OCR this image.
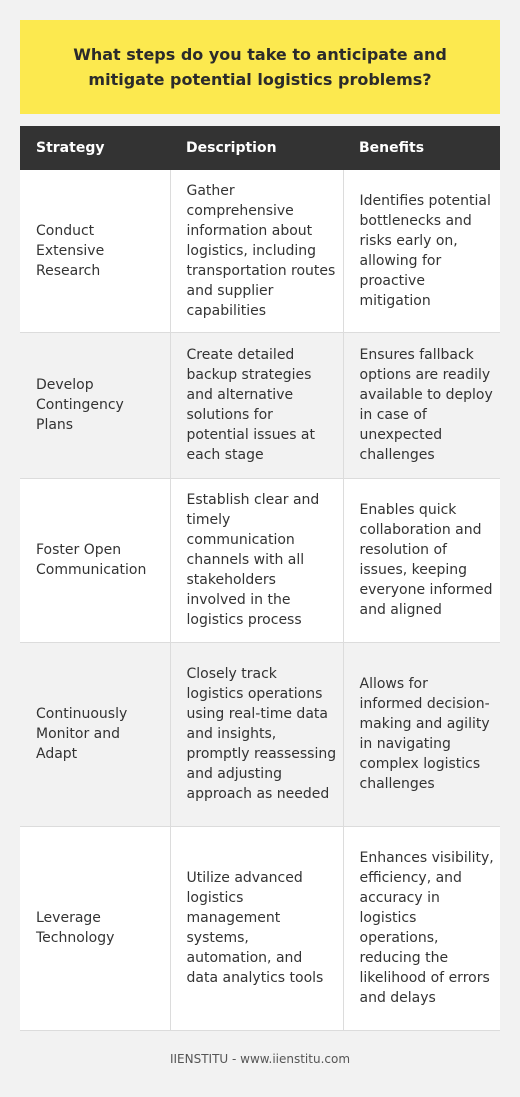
What steps do you take to anticipate and mitigate potential logistics problems?
Strategy	Description	Benefits
Conduct Extensive Research	Gather comprehensive information about logistics, including transportation routes and supplier capabilities	Identifies potential bottlenecks and risks early on, allowing for proactive mitigation
Develop Contingency Plans	Create detailed backup strategies and alternative solutions for potential issues at each stage	Ensures fallback options are readily available to deploy in case of unexpected challenges
Foster Open Communication	Establish clear and timely communication channels with all stakeholders involved in the logistics process	Enables quick collaboration and resolution of issues, keeping everyone informed and aligned
Continuously Monitor and Adapt	Closely track logistics operations using real-time data and insights, promptly reassessing and adjusting approach as needed	Allows for informed decision-making and agility in navigating complex logistics challenges
Leverage Technology	Utilize advanced logistics management systems, automation, and data analytics tools	Enhances visibility, efficiency, and accuracy in logistics operations, reducing the likelihood of errors and delays
IIENSTITU - www.iienstitu.com
